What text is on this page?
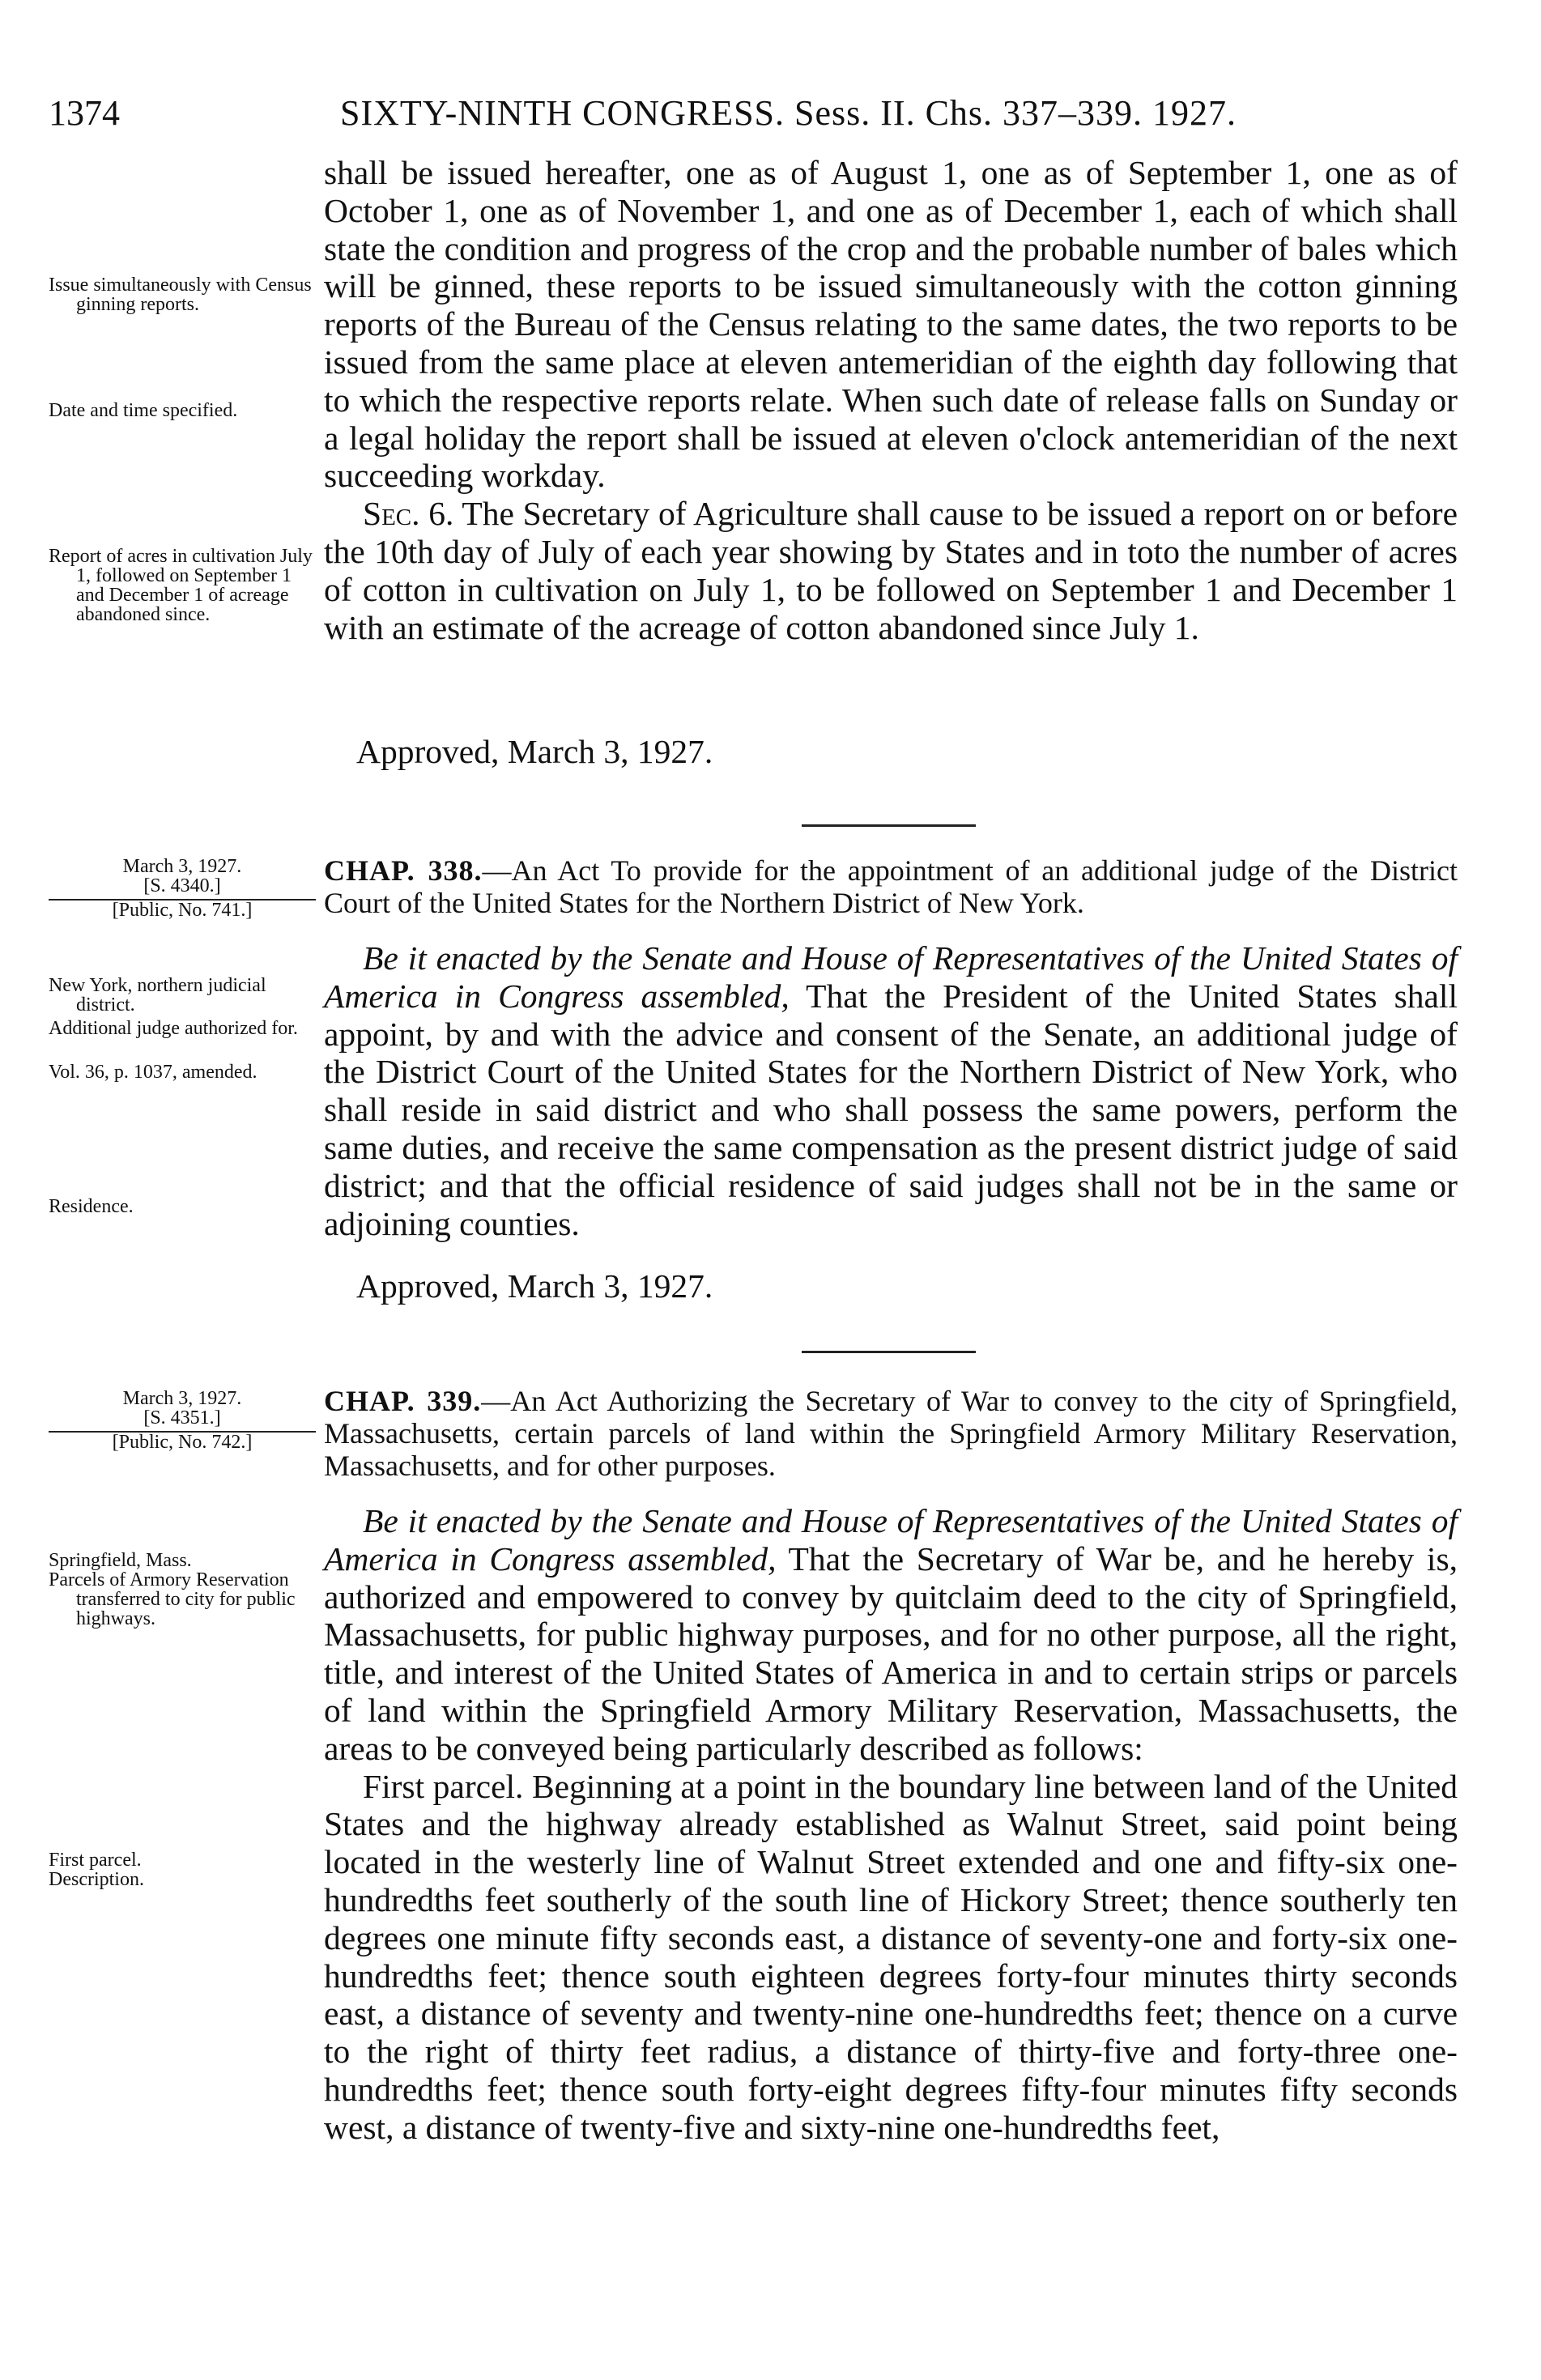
1374	SIXTY-NINTH CONGRESS. Sess. II. Chs. 337–339. 1927.

shall be issued hereafter, one as of August 1, one as of September 1, one as of October 1, one as of November 1, and one as of December 1, each of which shall state the condition and progress of the crop and the probable number of bales which will be ginned, these reports to be issued simultaneously with the cotton ginning reports of the Bureau of the Census relating to the same dates, the two reports to be issued from the same place at eleven antemeridian of the eighth day following that to which the respective reports relate. When such date of release falls on Sunday or a legal holiday the report shall be issued at eleven o'clock antemeridian of the next succeeding workday.

Sec. 6. The Secretary of Agriculture shall cause to be issued a report on or before the 10th day of July of each year showing by States and in toto the number of acres of cotton in cultivation on July 1, to be followed on September 1 and December 1 with an estimate of the acreage of cotton abandoned since July 1.

Approved, March 3, 1927.
Issue simultaneously with Census ginning reports.
Date and time specified.
Report of acres in cultivation July 1, followed on September 1 and December 1 of acreage abandoned since.
March 3, 1927.
[S. 4340.]
[Public, No. 741.]
CHAP. 338.—An Act To provide for the appointment of an additional judge of the District Court of the United States for the Northern District of New York.

Be it enacted by the Senate and House of Representatives of the United States of America in Congress assembled, That the President of the United States shall appoint, by and with the advice and consent of the Senate, an additional judge of the District Court of the United States for the Northern District of New York, who shall reside in said district and who shall possess the same powers, perform the same duties, and receive the same compensation as the present district judge of said district; and that the official residence of said judges shall not be in the same or adjoining counties.

Approved, March 3, 1927.
New York, northern judicial district.
Additional judge authorized for.
Vol. 36, p. 1037, amended.
Residence.
March 3, 1927.
[S. 4351.]
[Public, No. 742.]
CHAP. 339.—An Act Authorizing the Secretary of War to convey to the city of Springfield, Massachusetts, certain parcels of land within the Springfield Armory Military Reservation, Massachusetts, and for other purposes.

Be it enacted by the Senate and House of Representatives of the United States of America in Congress assembled, That the Secretary of War be, and he hereby is, authorized and empowered to convey by quitclaim deed to the city of Springfield, Massachusetts, for public highway purposes, and for no other purpose, all the right, title, and interest of the United States of America in and to certain strips or parcels of land within the Springfield Armory Military Reservation, Massachusetts, the areas to be conveyed being particularly described as follows:

First parcel. Beginning at a point in the boundary line between land of the United States and the highway already established as Walnut Street, said point being located in the westerly line of Walnut Street extended and one and fifty-six one-hundredths feet southerly of the south line of Hickory Street; thence southerly ten degrees one minute fifty seconds east, a distance of seventy-one and forty-six one-hundredths feet; thence south eighteen degrees forty-four minutes thirty seconds east, a distance of seventy and twenty-nine one-hundredths feet; thence on a curve to the right of thirty feet radius, a distance of thirty-five and forty-three one-hundredths feet; thence south forty-eight degrees fifty-four minutes fifty seconds west, a distance of twenty-five and sixty-nine one-hundredths feet,

Springfield, Mass.
Parcels of Armory Reservation transferred to city for public highways.
First parcel.
Description.
